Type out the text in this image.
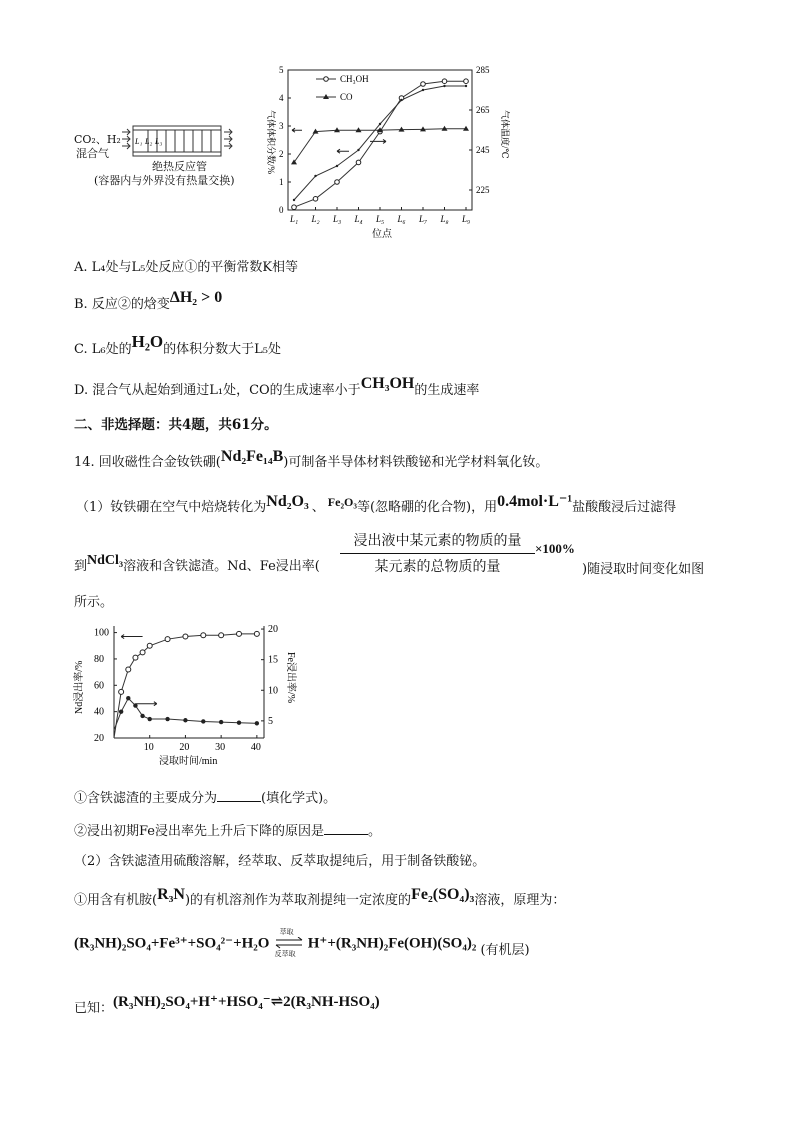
CO₂、H₂
混合气
L₁ L₂ L₃
绝热反应管
(容器内与外界没有热量交换)
L₁ L₂ L₃ L₄ L₅ L₆ L₇ L₈ L₉
0
1
2
3
4
5
225
245
265
285
位点
气体体积分数/%	气体温度/℃
CH₃OH
CO
A. L₄处与L₅处反应①的平衡常数K相等
B. 反应②的焓变ΔH₂ > 0
C. L₆处的H₂O的体积分数大于L₅处
D. 混合气从起始到通过L₁处，CO的生成速率小于CH₃OH的生成速率
二、非选择题：共4题，共61分。
14. 回收磁性合金钕铁硼(Nd₂Fe₁₄B)可制备半导体材料铁酸铋和光学材料氧化钕。
（1）钕铁硼在空气中焙烧转化为Nd₂O₃ 、 Fe₂O₃等(忽略硼的化合物)，用0.4mol·L⁻¹盐酸酸浸后过滤得
到NdCl₃溶液和含铁滤渣。Nd、Fe浸出率(
浸出液中某元素的物质的量
某元素的总物质的量
×100%
)随浸取时间变化如图
所示。
10	20	30	40
20
40
60
80
100
5
10
15
20
浸取时间/min
Nd浸出率/%	Fe浸出率/%
①含铁滤渣的主要成分为	(填化学式)。
②浸出初期Fe浸出率先上升后下降的原因是	。
（2）含铁滤渣用硫酸溶解，经萃取、反萃取提纯后，用于制备铁酸铋。
①用含有机胺(R₃N)的有机溶剂作为萃取剂提纯一定浓度的Fe₂(SO₄)₃溶液，原理为：
(R₃NH)₂SO₄+Fe³⁺+SO₄²⁻+H₂O
萃取
反萃取
H⁺+(R₃NH)₂Fe(OH)(SO₄)₂ (有机层)
已知：(R₃NH)₂SO₄+H⁺+HSO₄⁻⇌2(R₃NH-HSO₄)
